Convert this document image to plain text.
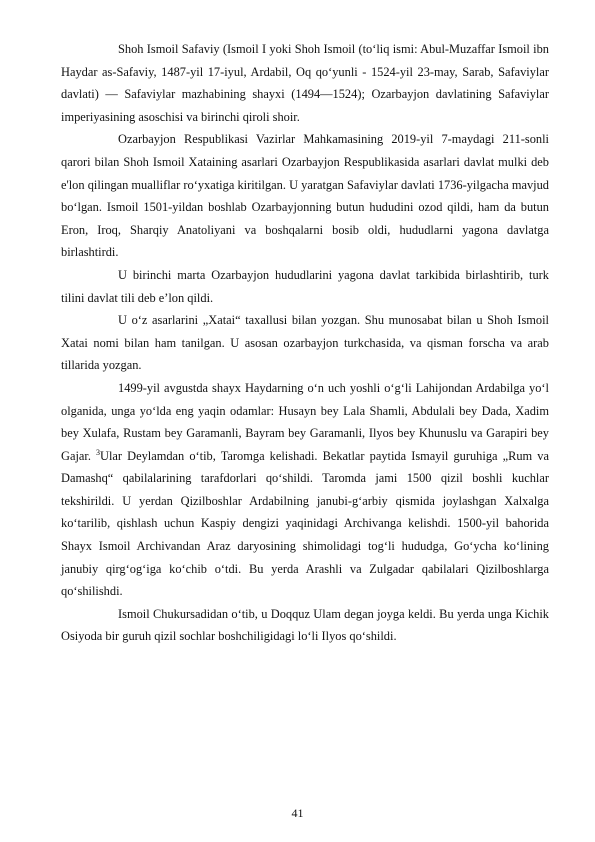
Shoh Ismoil Safaviy (Ismoil I yoki Shoh Ismoil (toʻliq ismi: Abul-Muzaffar Ismoil ibn Haydar as-Safaviy, 1487-yil 17-iyul, Ardabil, Oq qoʻyunli - 1524-yil 23-may, Sarab, Safaviylar davlati) — Safaviylar mazhabining shayxi (1494—1524); Ozarbayjon davlatining Safaviylar imperiyasining asoschisi va birinchi qiroli shoir.

Ozarbayjon Respublikasi Vazirlar Mahkamasining 2019-yil 7-maydagi 211-sonli qarori bilan Shoh Ismoil Xataining asarlari Ozarbayjon Respublikasida asarlari davlat mulki deb e'lon qilingan mualliflar roʻyxatiga kiritilgan. U yaratgan Safaviylar davlati 1736-yilgacha mavjud boʻlgan. Ismoil 1501-yildan boshlab Ozarbayjonning butun hududini ozod qildi, ham da butun Eron, Iroq, Sharqiy Anatoliyani va boshqalarni bosib oldi, hududlarni yagona davlatga birlashtirdi.

U birinchi marta Ozarbayjon hududlarini yagona davlat tarkibida birlashtirib, turk tilini davlat tili deb e’lon qildi.

U oʻz asarlarini „Xatai“ taxallusi bilan yozgan. Shu munosabat bilan u Shoh Ismoil Xatai nomi bilan ham tanilgan. U asosan ozarbayjon turkchasida, va qisman forscha va arab tillarida yozgan.

1499-yil avgustda shayx Haydarning oʻn uch yoshli oʻgʻli Lahijondan Ardabilga yoʻl olganida, unga yoʻlda eng yaqin odamlar: Husayn bey Lala Shamli, Abdulali bey Dada, Xadim bey Xulafa, Rustam bey Garamanli, Bayram bey Garamanli, Ilyos bey Khunuslu va Garapiri bey Gajar. $^3$Ular Deylamdan oʻtib, Taromga kelishadi. Bekatlar paytida Ismayil guruhiga „Rum va Damashq“ qabilalarining tarafdorlari qoʻshildi. Taromda jami 1500 qizil boshli kuchlar tekshirildi. U yerdan Qizilboshlar Ardabilning janubi-gʻarbiy qismida joylashgan Xalxalga koʻtarilib, qishlash uchun Kaspiy dengizi yaqinidagi Archivanga kelishdi. 1500-yil bahorida Shayx Ismoil Archivandan Araz daryosining shimolidagi togʻli hududga, Goʻycha koʻlining janubiy qirgʻogʻiga koʻchib oʻtdi. Bu yerda Arashli va Zulgadar qabilalari Qizilboshlarga qoʻshilishdi.

Ismoil Chukursadidan oʻtib, u Doqquz Ulam degan joyga keldi. Bu yerda unga Kichik Osiyoda bir guruh qizil sochlar boshchiligidagi loʻli Ilyos qoʻshildi.

41
